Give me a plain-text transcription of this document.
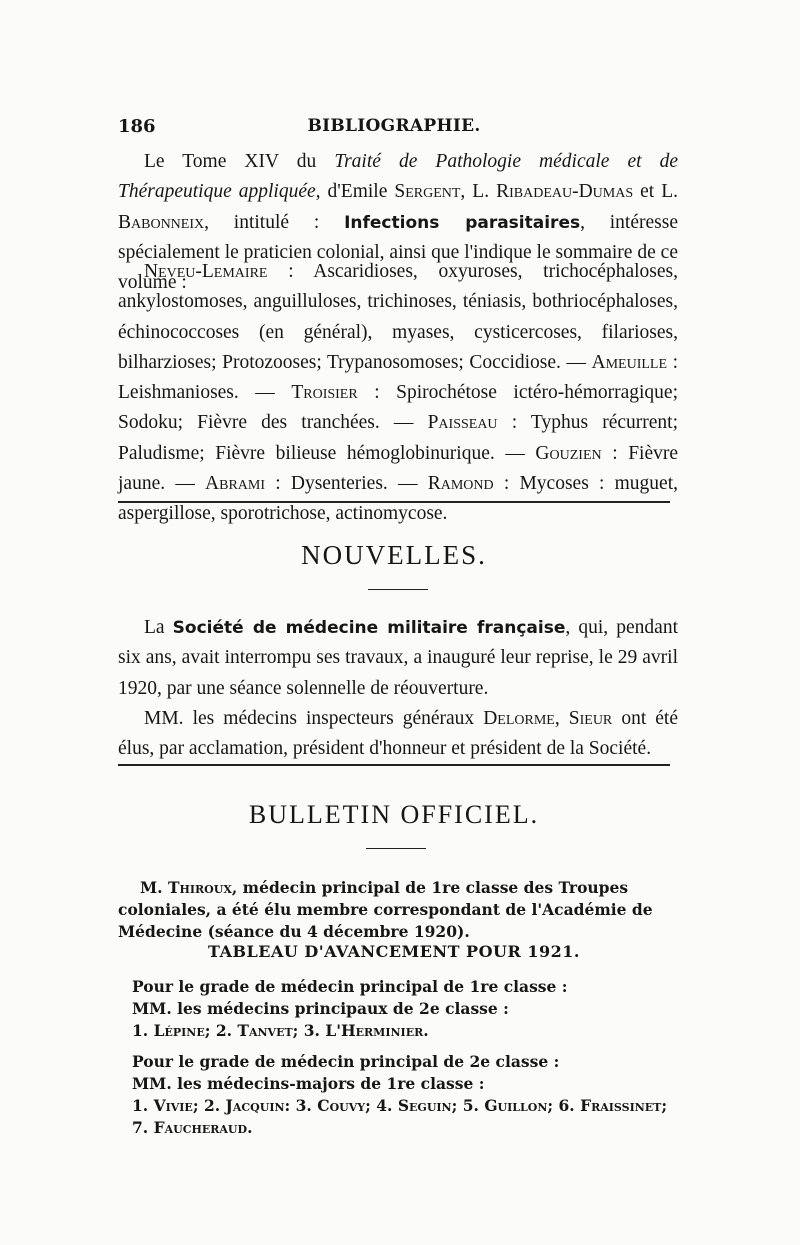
186	BIBLIOGRAPHIE.
Le Tome XIV du Traité de Pathologie médicale et de Thérapeutique appliquée, d'Emile Sergent, L. Ribadeau-Dumas et L. Babonneix, intitulé : Infections parasitaires, intéresse spécialement le praticien colonial, ainsi que l'indique le sommaire de ce volume :
Neveu-Lemaire : Ascaridioses, oxyuroses, trichocéphaloses, ankylostomoses, anguilluloses, trichinoses, téniasis, bothriocéphaloses, échinococcoses (en général), myases, cysticercoses, filarioses, bilharzioses; Protozooses; Trypanosomoses; Coccidiose. — Ameuille : Leishmanioses. — Troisier : Spirochétose ictéro-hémorragique; Sodoku; Fièvre des tranchées. — Paisseau : Typhus récurrent; Paludisme; Fièvre bilieuse hémoglobinurique. — Gouzien : Fièvre jaune. — Abrami : Dysenteries. — Ramond : Mycoses : muguet, aspergillose, sporotrichose, actinomycose.
NOUVELLES.
La Société de médecine militaire française, qui, pendant six ans, avait interrompu ses travaux, a inauguré leur reprise, le 29 avril 1920, par une séance solennelle de réouverture.
MM. les médecins inspecteurs généraux Delorme, Sieur ont été élus, par acclamation, président d'honneur et président de la Société.
BULLETIN OFFICIEL.
M. Thiroux, médecin principal de 1re classe des Troupes coloniales, a été élu membre correspondant de l'Académie de Médecine (séance du 4 décembre 1920).
TABLEAU D'AVANCEMENT POUR 1921.

Pour le grade de médecin principal de 1re classe :

MM. les médecins principaux de 2e classe :

1. Lépine; 2. Tanvet; 3. L'Herminier.

Pour le grade de médecin principal de 2e classe :

MM. les médecins-majors de 1re classe :

1. Vivie; 2. Jacquin: 3. Couvy; 4. Seguin; 5. Guillon; 6. Fraissinet; 7. Faucheraud.
